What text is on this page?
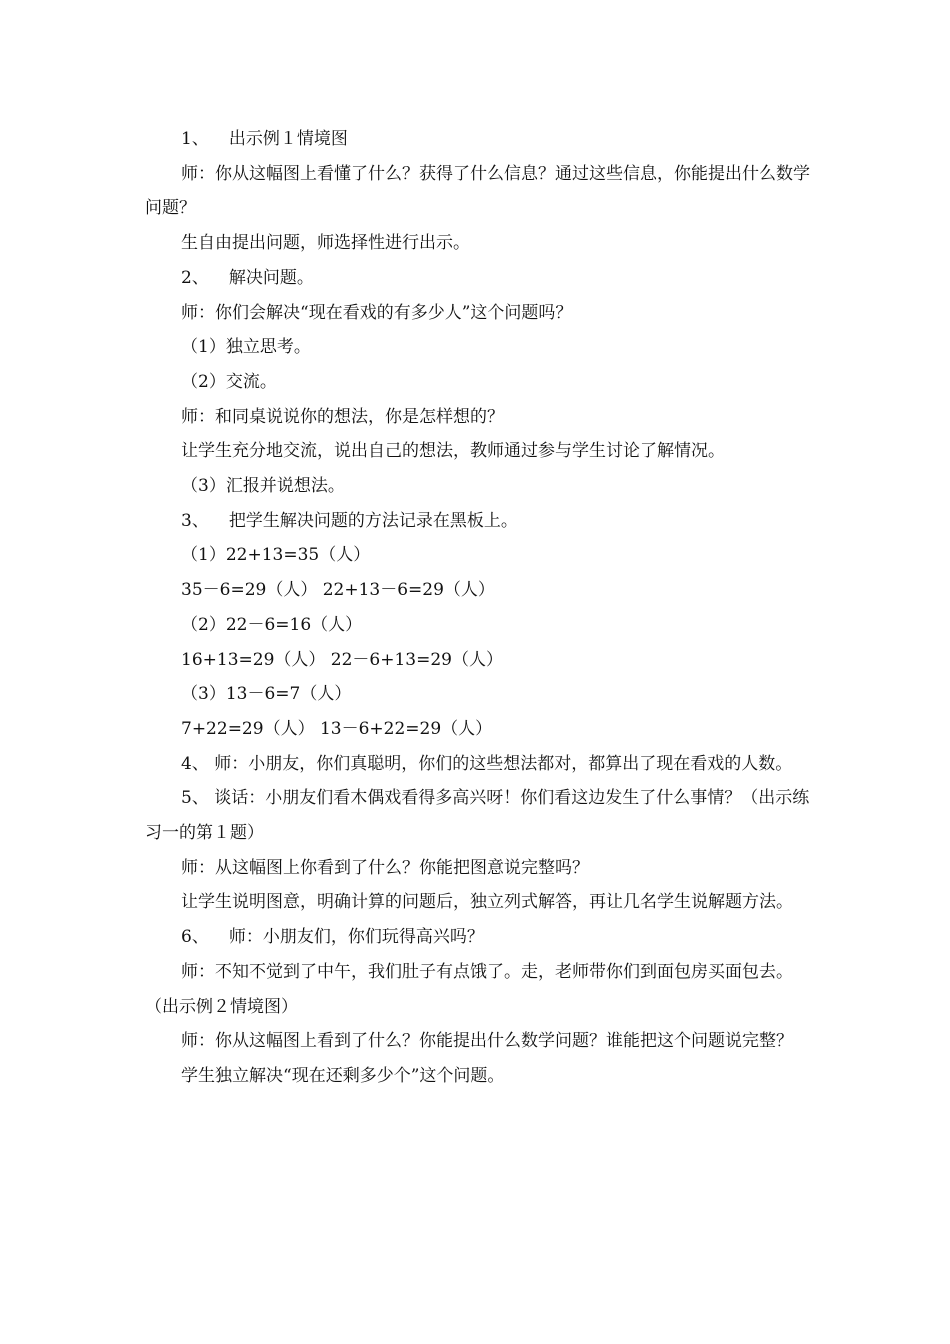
1、 出示例１情境图

师：你从这幅图上看懂了什么？获得了什么信息？通过这些信息，你能提出什么数学问题？

生自由提出问题，师选择性进行出示。

2、 解决问题。

师：你们会解决“现在看戏的有多少人”这个问题吗？

（1）独立思考。

（2）交流。

师：和同桌说说你的想法，你是怎样想的？

让学生充分地交流，说出自己的想法，教师通过参与学生讨论了解情况。

（3）汇报并说想法。

3、 把学生解决问题的方法记录在黑板上。

（1）22+13=35（人）

35－6=29（人） 22+13－6=29（人）

（2）22－6=16（人）

16+13=29（人） 22－6+13=29（人）

（3）13－6=7（人）

7+22=29（人） 13－6+22=29（人）

4、 师：小朋友，你们真聪明，你们的这些想法都对，都算出了现在看戏的人数。

5、 谈话：小朋友们看木偶戏看得多高兴呀！你们看这边发生了什么事情？（出示练习一的第１题）

师：从这幅图上你看到了什么？你能把图意说完整吗？

让学生说明图意，明确计算的问题后，独立列式解答，再让几名学生说解题方法。

6、 师：小朋友们，你们玩得高兴吗？

师：不知不觉到了中午，我们肚子有点饿了。走，老师带你们到面包房买面包去。（出示例２情境图）

师：你从这幅图上看到了什么？你能提出什么数学问题？谁能把这个问题说完整？

学生独立解决“现在还剩多少个”这个问题。
